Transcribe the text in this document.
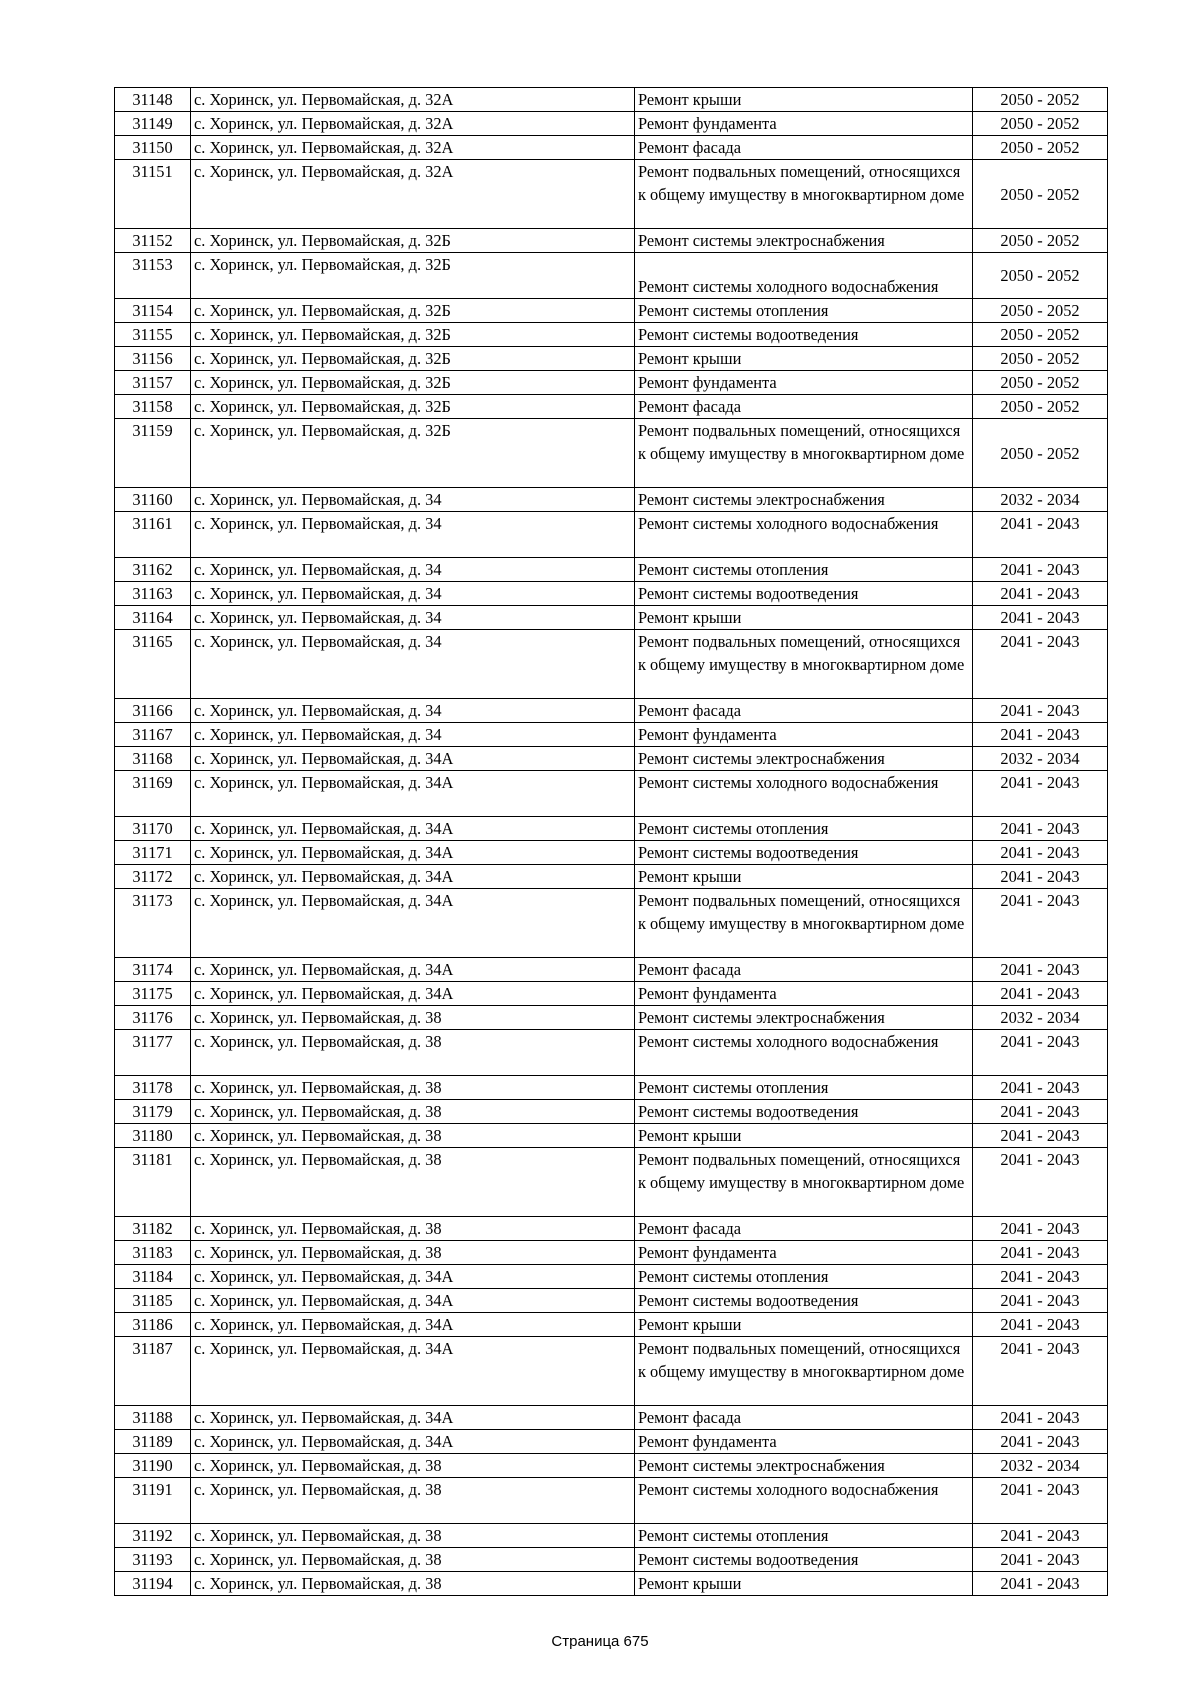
31148	с. Хоринск, ул. Первомайская, д. 32А	Ремонт крыши	2050 - 2052
31149	с. Хоринск, ул. Первомайская, д. 32А	Ремонт фундамента	2050 - 2052
31150	с. Хоринск, ул. Первомайская, д. 32А	Ремонт фасада	2050 - 2052
31151	с. Хоринск, ул. Первомайская, д. 32А	Ремонт подвальных помещений, относящихся к общему имуществу в многоквартирном доме	2050 - 2052
31152	с. Хоринск, ул. Первомайская, д. 32Б	Ремонт системы электроснабжения	2050 - 2052
31153	с. Хоринск, ул. Первомайская, д. 32Б	Ремонт системы холодного водоснабжения	2050 - 2052
31154	с. Хоринск, ул. Первомайская, д. 32Б	Ремонт системы отопления	2050 - 2052
31155	с. Хоринск, ул. Первомайская, д. 32Б	Ремонт системы водоотведения	2050 - 2052
31156	с. Хоринск, ул. Первомайская, д. 32Б	Ремонт крыши	2050 - 2052
31157	с. Хоринск, ул. Первомайская, д. 32Б	Ремонт фундамента	2050 - 2052
31158	с. Хоринск, ул. Первомайская, д. 32Б	Ремонт фасада	2050 - 2052
31159	с. Хоринск, ул. Первомайская, д. 32Б	Ремонт подвальных помещений, относящихся к общему имуществу в многоквартирном доме	2050 - 2052
31160	с. Хоринск, ул. Первомайская, д. 34	Ремонт системы электроснабжения	2032 - 2034
31161	с. Хоринск, ул. Первомайская, д. 34	Ремонт системы холодного водоснабжения	2041 - 2043
31162	с. Хоринск, ул. Первомайская, д. 34	Ремонт системы отопления	2041 - 2043
31163	с. Хоринск, ул. Первомайская, д. 34	Ремонт системы водоотведения	2041 - 2043
31164	с. Хоринск, ул. Первомайская, д. 34	Ремонт крыши	2041 - 2043
31165	с. Хоринск, ул. Первомайская, д. 34	Ремонт подвальных помещений, относящихся к общему имуществу в многоквартирном доме	2041 - 2043
31166	с. Хоринск, ул. Первомайская, д. 34	Ремонт фасада	2041 - 2043
31167	с. Хоринск, ул. Первомайская, д. 34	Ремонт фундамента	2041 - 2043
31168	с. Хоринск, ул. Первомайская, д. 34А	Ремонт системы электроснабжения	2032 - 2034
31169	с. Хоринск, ул. Первомайская, д. 34А	Ремонт системы холодного водоснабжения	2041 - 2043
31170	с. Хоринск, ул. Первомайская, д. 34А	Ремонт системы отопления	2041 - 2043
31171	с. Хоринск, ул. Первомайская, д. 34А	Ремонт системы водоотведения	2041 - 2043
31172	с. Хоринск, ул. Первомайская, д. 34А	Ремонт крыши	2041 - 2043
31173	с. Хоринск, ул. Первомайская, д. 34А	Ремонт подвальных помещений, относящихся к общему имуществу в многоквартирном доме	2041 - 2043
31174	с. Хоринск, ул. Первомайская, д. 34А	Ремонт фасада	2041 - 2043
31175	с. Хоринск, ул. Первомайская, д. 34А	Ремонт фундамента	2041 - 2043
31176	с. Хоринск, ул. Первомайская, д. 38	Ремонт системы электроснабжения	2032 - 2034
31177	с. Хоринск, ул. Первомайская, д. 38	Ремонт системы холодного водоснабжения	2041 - 2043
31178	с. Хоринск, ул. Первомайская, д. 38	Ремонт системы отопления	2041 - 2043
31179	с. Хоринск, ул. Первомайская, д. 38	Ремонт системы водоотведения	2041 - 2043
31180	с. Хоринск, ул. Первомайская, д. 38	Ремонт крыши	2041 - 2043
31181	с. Хоринск, ул. Первомайская, д. 38	Ремонт подвальных помещений, относящихся к общему имуществу в многоквартирном доме	2041 - 2043
31182	с. Хоринск, ул. Первомайская, д. 38	Ремонт фасада	2041 - 2043
31183	с. Хоринск, ул. Первомайская, д. 38	Ремонт фундамента	2041 - 2043
31184	с. Хоринск, ул. Первомайская, д. 34А	Ремонт системы отопления	2041 - 2043
31185	с. Хоринск, ул. Первомайская, д. 34А	Ремонт системы водоотведения	2041 - 2043
31186	с. Хоринск, ул. Первомайская, д. 34А	Ремонт крыши	2041 - 2043
31187	с. Хоринск, ул. Первомайская, д. 34А	Ремонт подвальных помещений, относящихся к общему имуществу в многоквартирном доме	2041 - 2043
31188	с. Хоринск, ул. Первомайская, д. 34А	Ремонт фасада	2041 - 2043
31189	с. Хоринск, ул. Первомайская, д. 34А	Ремонт фундамента	2041 - 2043
31190	с. Хоринск, ул. Первомайская, д. 38	Ремонт системы электроснабжения	2032 - 2034
31191	с. Хоринск, ул. Первомайская, д. 38	Ремонт системы холодного водоснабжения	2041 - 2043
31192	с. Хоринск, ул. Первомайская, д. 38	Ремонт системы отопления	2041 - 2043
31193	с. Хоринск, ул. Первомайская, д. 38	Ремонт системы водоотведения	2041 - 2043
31194	с. Хоринск, ул. Первомайская, д. 38	Ремонт крыши	2041 - 2043
Страница 675
